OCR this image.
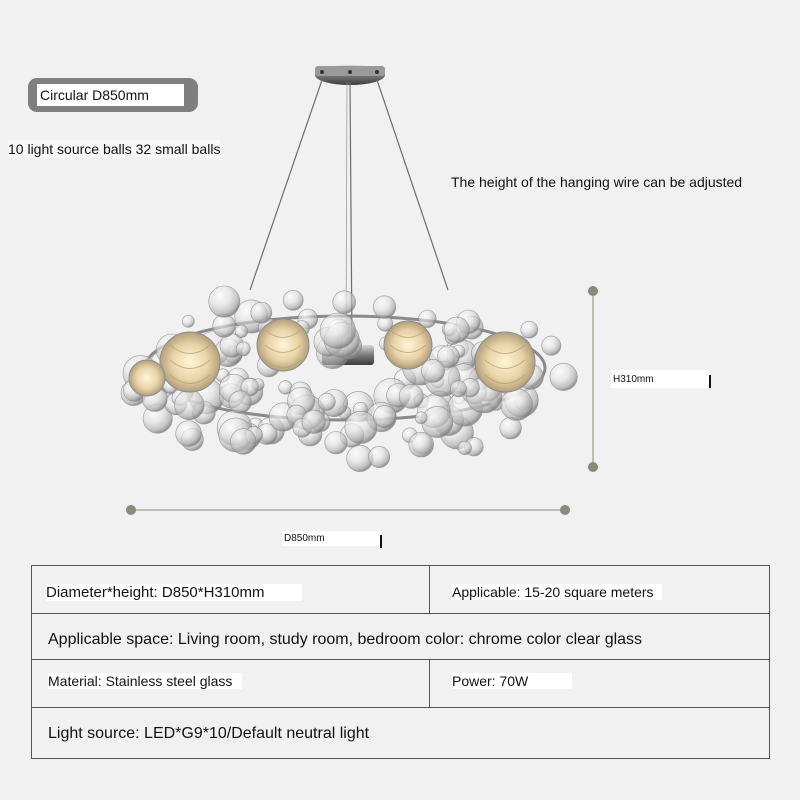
Circular D850mm
10 light source balls 32 small balls
The height of the hanging wire can be adjusted
H310mm
D850mm
Diameter*height: D850*H310mm	Applicable: 15-20 square meters
Applicable space: Living room, study room, bedroom color: chrome color clear glass
Material: Stainless steel glass	Power: 70W
Light source: LED*G9*10/Default neutral light
